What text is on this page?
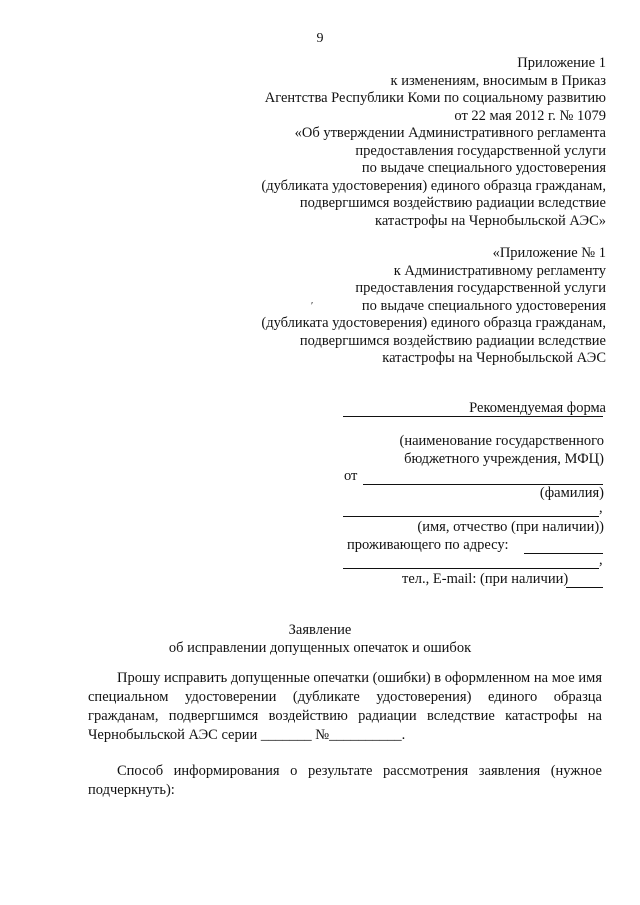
9
Приложение 1
к изменениям, вносимым в Приказ
Агентства Республики Коми по социальному развитию
от 22 мая 2012 г. № 1079
«Об утверждении Административного регламента
предоставления государственной услуги
по выдаче специального удостоверения
(дубликата удостоверения) единого образца гражданам,
подвергшимся воздействию радиации вследствие
катастрофы на Чернобыльской АЭС»
«Приложение № 1
к Административному регламенту
предоставления государственной услуги
по выдаче специального удостоверения
(дубликата удостоверения) единого образца гражданам,
подвергшимся воздействию радиации вследствие
катастрофы на Чернобыльской АЭС
ʹ
Рекомендуемая форма
(наименование государственного
бюджетного учреждения, МФЦ)
от
(фамилия)
,
(имя, отчество (при наличии))
проживающего по адресу:
,
тел., E-mail: (при наличии)
Заявление
об исправлении допущенных опечаток и ошибок
Прошу исправить допущенные опечатки (ошибки) в оформленном на мое имя специальном удостоверении (дубликате удостоверения) единого образца гражданам, подвергшимся воздействию радиации вследствие катастрофы на Чернобыльской АЭС серии _______ №__________.
Способ информирования о результате рассмотрения заявления (нужное подчеркнуть):
